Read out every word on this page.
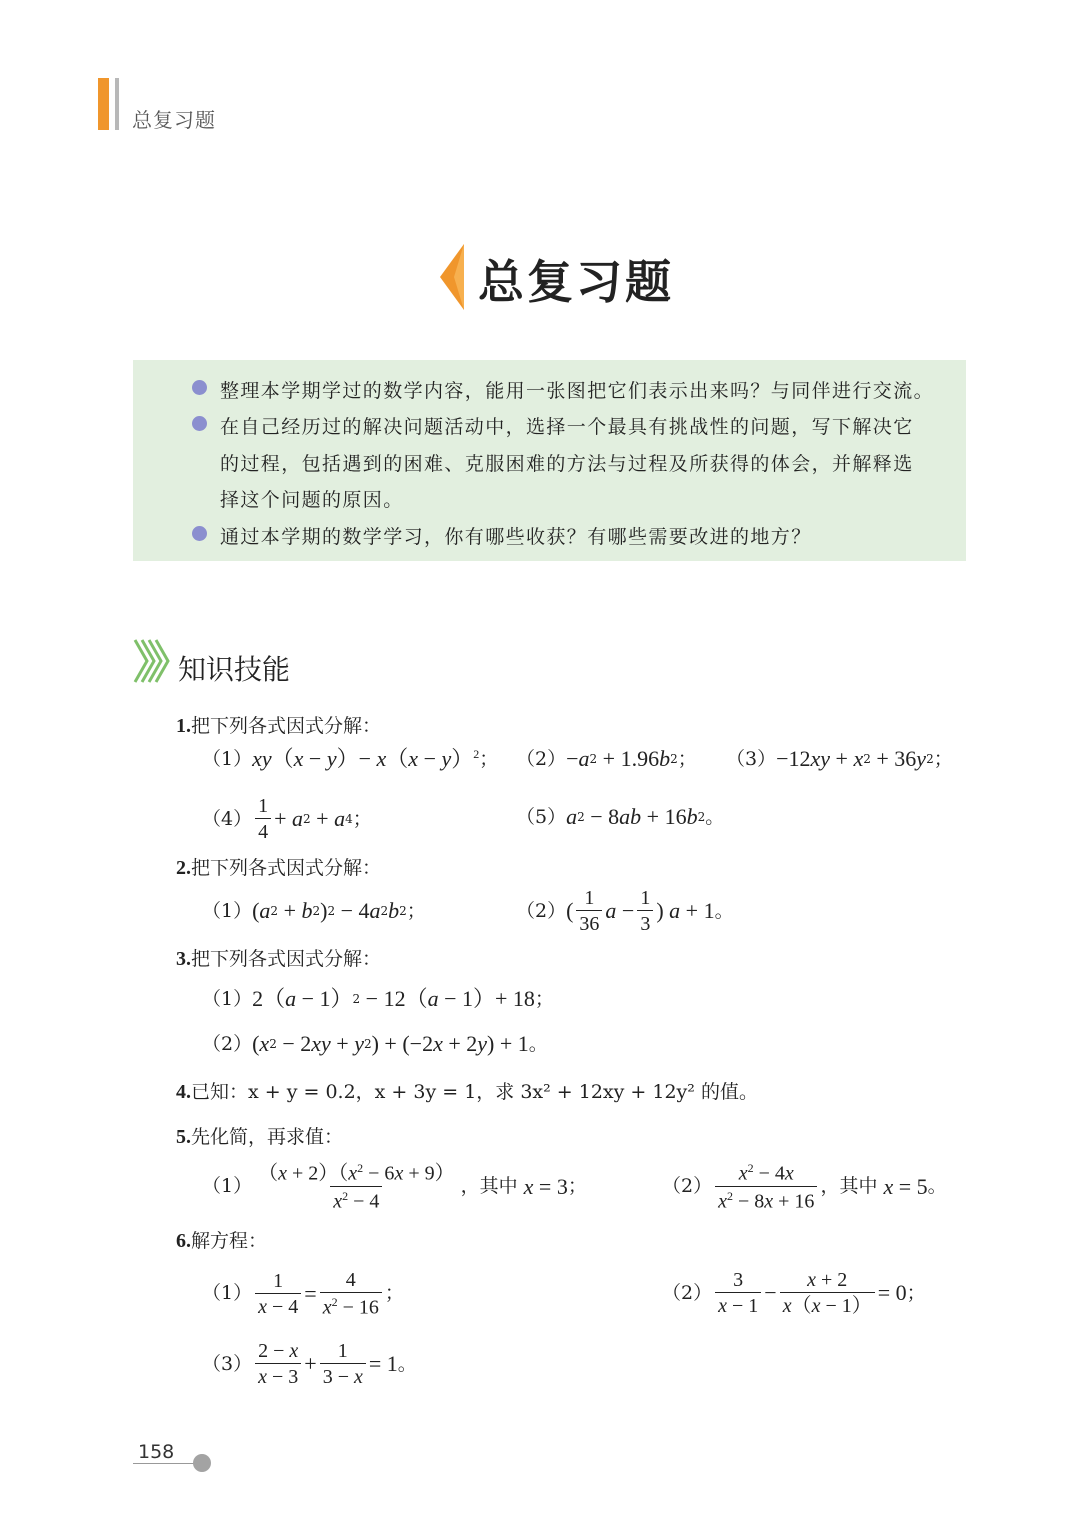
总复习题
总复习题
整理本学期学过的数学内容，能用一张图把它们表示出来吗？与同伴进行交流。
在自己经历过的解决问题活动中，选择一个最具有挑战性的问题，写下解决它
的过程，包括遇到的困难、克服困难的方法与过程及所获得的体会，并解释选
择这个问题的原因。
通过本学期的数学学习，你有哪些收获？有哪些需要改进的地方？
知识技能
1.把下列各式因式分解：
（1） xy （ x − y ）− x （ x − y ）$^2$ ； （2） − a 2 + 1.96 b 2 ； （3） −12 xy + x 2 + 36 y 2 ；
$(4) \frac{1}{4} + a$ 2 + a 4 ；	（5） a 2 − 8 ab + 16 b 2 。
2.把下列各式因式分解：
（1） ( a 2 + b 2 ) 2 − 4 a 2 b 2 ；	（2） ( $\frac{1}{36}$ $a - \frac{1}{3}$ ) a + 1 。
3.把下列各式因式分解：
（1） 2（ a − 1） 2 − 12（ a − 1）+ 18 ；
（2） ( x 2 − 2 xy + y 2 ) + (−2 x + 2 y ) + 1 。
4.已知：x + y = 0.2，x + 3y = 1，求 3x² + 12xy + 12y² 的值。
5.先化简，再求值：
$(1) \frac{(x + 2)(x^2 - 6x + 9)}{x^2 - 4}$ ，其中 x = 3 ；	$(2) \frac{x^2 - 4x}{x^2 - 8x + 16}$ ，其中 x = 5 。
6.解方程：
$(1) \frac{1}{x - 4} = \frac{4}{x^2 - 16}$ ；	$(2) \frac{3}{x - 1} - \frac{x + 2}{x(x - 1)} = 0$ ；
$(3) \frac{2 - x}{x - 3} + \frac{1}{3 - x} = 1$ 。
158
